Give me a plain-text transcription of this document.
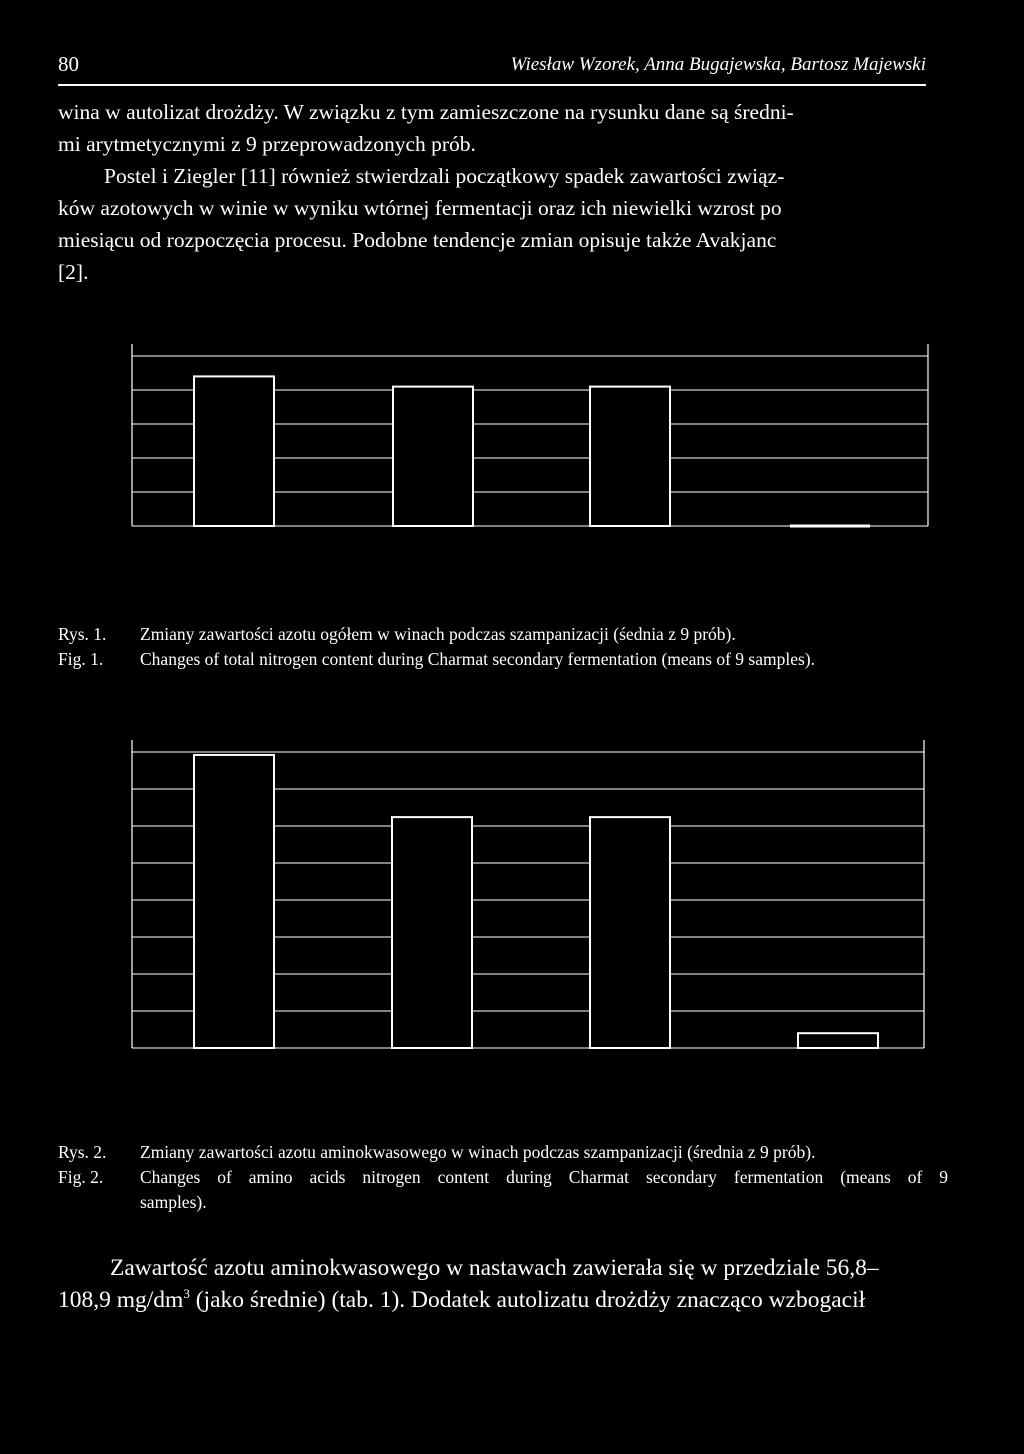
80	Wiesław Wzorek, Anna Bugajewska, Bartosz Majewski

wina w autolizat drożdży. W związku z tym zamieszczone na rysunku dane są średni-
mi arytmetycznymi z 9 przeprowadzonych prób.

Postel i Ziegler [11] również stwierdzali początkowy spadek zawartości związ-
ków azotowych w winie w wyniku wtórnej fermentacji oraz ich niewielki wzrost po
miesiącu od rozpoczęcia procesu. Podobne tendencje zmian opisuje także Avakjanc
[2].

Rys. 1.	Zmiany zawartości azotu ogółem w winach podczas szampanizacji (śednia z 9 prób).
Fig. 1.	Changes of total nitrogen content during Charmat secondary fermentation (means of 9 samples).
Rys. 2.	Zmiany zawartości azotu aminokwasowego w winach podczas szampanizacji (średnia z 9 prób).
Fig. 2.	Changes of amino acids nitrogen content during Charmat secondary fermentation (means of 9
samples).
Zawartość azotu aminokwasowego w nastawach zawierała się w przedziale 56,8–
108,9 $mg/dm^3$ (jako średnie) (tab. 1). Dodatek autolizatu drożdży znacząco wzbogacił
